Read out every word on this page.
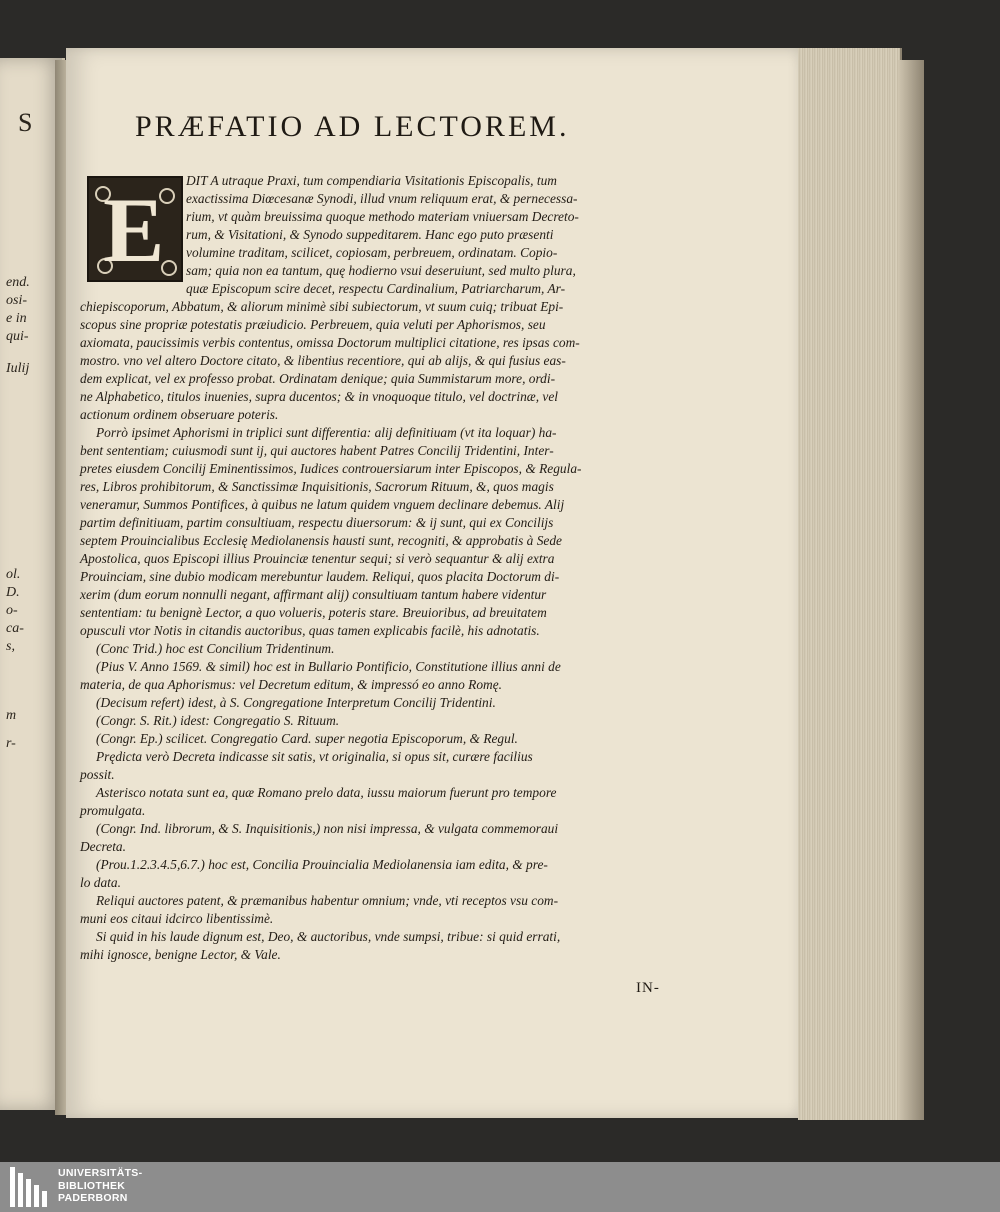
S
end.
osi-
e in
qui-
Iulij
ol.
D.
o-
ca-
s,
m
r-
PRÆFATIO AD LECTOREM.
E DIT A utraque Praxi, tum compendiaria Visitationis Episcopalis, tum
exactissima Diœcesanæ Synodi, illud vnum reliquum erat, & pernecessa-
rium, vt quàm breuissima quoque methodo materiam vniuersam Decreto-
rum, & Visitationi, & Synodo suppeditarem. Hanc ego puto præsenti
volumine traditam, scilicet, copiosam, perbreuem, ordinatam. Copio-
sam; quia non ea tantum, quę hodierno vsui deseruiunt, sed multo plura,
quæ Episcopum scire decet, respectu Cardinalium, Patriarcharum, Ar-
chiepiscoporum, Abbatum, & aliorum minimè sibi subiectorum, vt suum cuiq; tribuat Epi-
scopus sine propriæ potestatis præiudicio. Perbreuem, quia veluti per Aphorismos, seu
axiomata, paucissimis verbis contentus, omissa Doctorum multiplici citatione, res ipsas com-
mostro. vno vel altero Doctore citato, & libentius recentiore, qui ab alijs, & qui fusius eas-
dem explicat, vel ex professo probat. Ordinatam denique; quia Summistarum more, ordi-
ne Alphabetico, titulos inuenies, supra ducentos; & in vnoquoque titulo, vel doctrinæ, vel
actionum ordinem obseruare poteris.
Porrò ipsimet Aphorismi in triplici sunt differentia: alij definitiuam (vt ita loquar) ha-
bent sententiam; cuiusmodi sunt ij, qui auctores habent Patres Concilij Tridentini, Inter-
pretes eiusdem Concilij Eminentissimos, Iudices controuersiarum inter Episcopos, & Regula-
res, Libros prohibitorum, & Sanctissimæ Inquisitionis, Sacrorum Rituum, &, quos magis
veneramur, Summos Pontifices, à quibus ne latum quidem vnguem declinare debemus. Alij
partim definitiuam, partim consultiuam, respectu diuersorum: & ij sunt, qui ex Concilijs
septem Prouincialibus Ecclesię Mediolanensis hausti sunt, recogniti, & approbatis à Sede
Apostolica, quos Episcopi illius Prouinciæ tenentur sequi; si verò sequantur & alij extra
Prouinciam, sine dubio modicam merebuntur laudem. Reliqui, quos placita Doctorum di-
xerim (dum eorum nonnulli negant, affirmant alij) consultiuam tantum habere videntur
sententiam: tu benignè Lector, a quo volueris, poteris stare. Breuioribus, ad breuitatem
opusculi vtor Notis in citandis auctoribus, quas tamen explicabis facilè, his adnotatis.
(Conc Trid.) hoc est Concilium Tridentinum.
(Pius V. Anno 1569. & simil) hoc est in Bullario Pontificio, Constitutione illius anni de
materia, de qua Aphorismus: vel Decretum editum, & impressó eo anno Romę.
(Decisum refert) idest, à S. Congregatione Interpretum Concilij Tridentini.
(Congr. S. Rit.) idest: Congregatio S. Rituum.
(Congr. Ep.) scilicet. Congregatio Card. super negotia Episcoporum, & Regul.
Prędicta verò Decreta indicasse sit satis, vt originalia, si opus sit, curære facilius
possit.
Asterisco notata sunt ea, quæ Romano prelo data, iussu maiorum fuerunt pro tempore
promulgata.
(Congr. Ind. librorum, & S. Inquisitionis,) non nisi impressa, & vulgata commemoraui
Decreta.
(Prou.1.2.3.4.5,6.7.) hoc est, Concilia Prouincialia Mediolanensia iam edita, & pre-
lo data.
Reliqui auctores patent, & præmanibus habentur omnium; vnde, vti receptos vsu com-
muni eos citaui idcirco libentissimè.
Si quid in his laude dignum est, Deo, & auctoribus, vnde sumpsi, tribue: si quid errati,
mihi ignosce, benigne Lector, & Vale.
IN-
UNIVERSITÄTS-
BIBLIOTHEK
PADERBORN
